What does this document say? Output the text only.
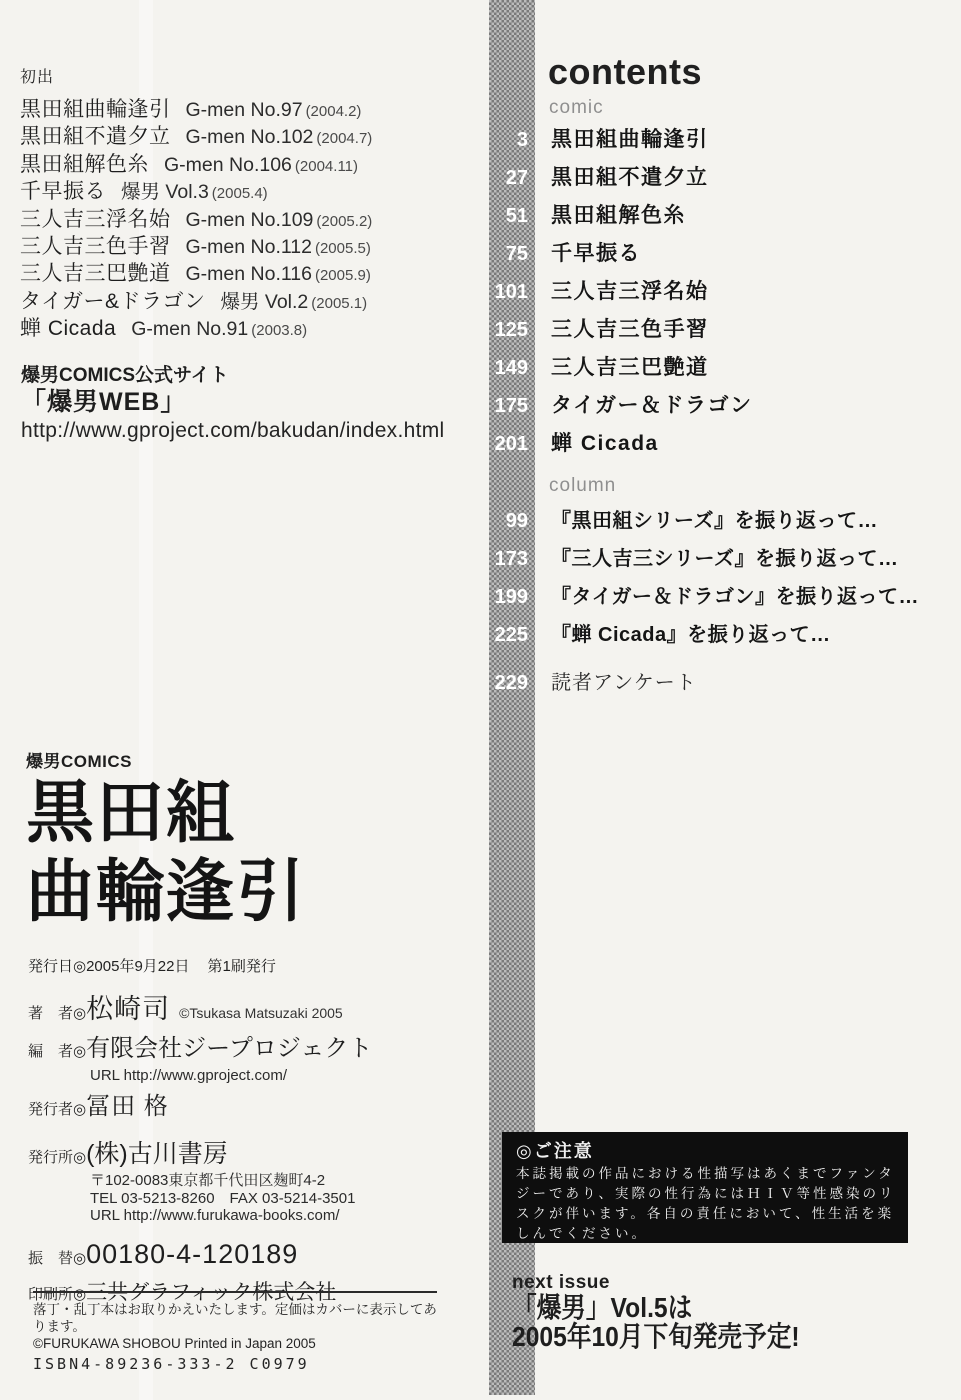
初出
黒田組曲輪逢引 G-men No.97 (2004.2)
黒田組不遣夕立 G-men No.102 (2004.7)
黒田組解色糸 G-men No.106 (2004.11)
千早振る 爆男 Vol.3 (2005.4)
三人吉三浮名始 G-men No.109 (2005.2)
三人吉三色手習 G-men No.112 (2005.5)
三人吉三巴艶道 G-men No.116 (2005.9)
タイガー&ドラゴン 爆男 Vol.2 (2005.1)
蝉 Cicada G-men No.91 (2003.8)
爆男COMICS公式サイト
「爆男WEB」
http://www.gproject.com/bakudan/index.html
爆男COMICS
黒田組
曲輪逢引
発行日◎ 2005年9月22日 第1刷発行
著　者◎ 松崎司 ©Tsukasa Matsuzaki 2005
編　者◎ 有限会社ジープロジェクト
URL http://www.gproject.com/
発行者◎ 冨田 格
発行所◎ (株)古川書房
〒102-0083東京都千代田区麹町4-2
TEL 03-5213-8260　FAX 03-5214-3501
URL http://www.furukawa-books.com/
振　替◎ 00180-4-120189
印刷所◎ 三共グラフィック株式会社
落丁・乱丁本はお取りかえいたします。定価はカバーに表示してあります。
©FURUKAWA SHOBOU Printed in Japan 2005
ISBN4-89236-333-2 C0979
contents
comic
3 黒田組曲輪逢引
27 黒田組不遣夕立
51 黒田組解色糸
75 千早振る
101 三人吉三浮名始
125 三人吉三色手習
149 三人吉三巴艶道
175 タイガー＆ドラゴン
201 蝉 Cicada
column
99 『黒田組シリーズ』を振り返って…
173 『三人吉三シリーズ』を振り返って…
199 『タイガー＆ドラゴン』を振り返って…
225 『蝉 Cicada』を振り返って…
229 読者アンケート
◎ご注意

本誌掲載の作品における性描写はあくまでファンタジーであり、実際の性行為にはＨＩＶ等性感染のリスクが伴います。各自の責任において、性生活を楽しんでください。

next issue
「爆男」Vol.5は
2005年10月下旬発売予定!
